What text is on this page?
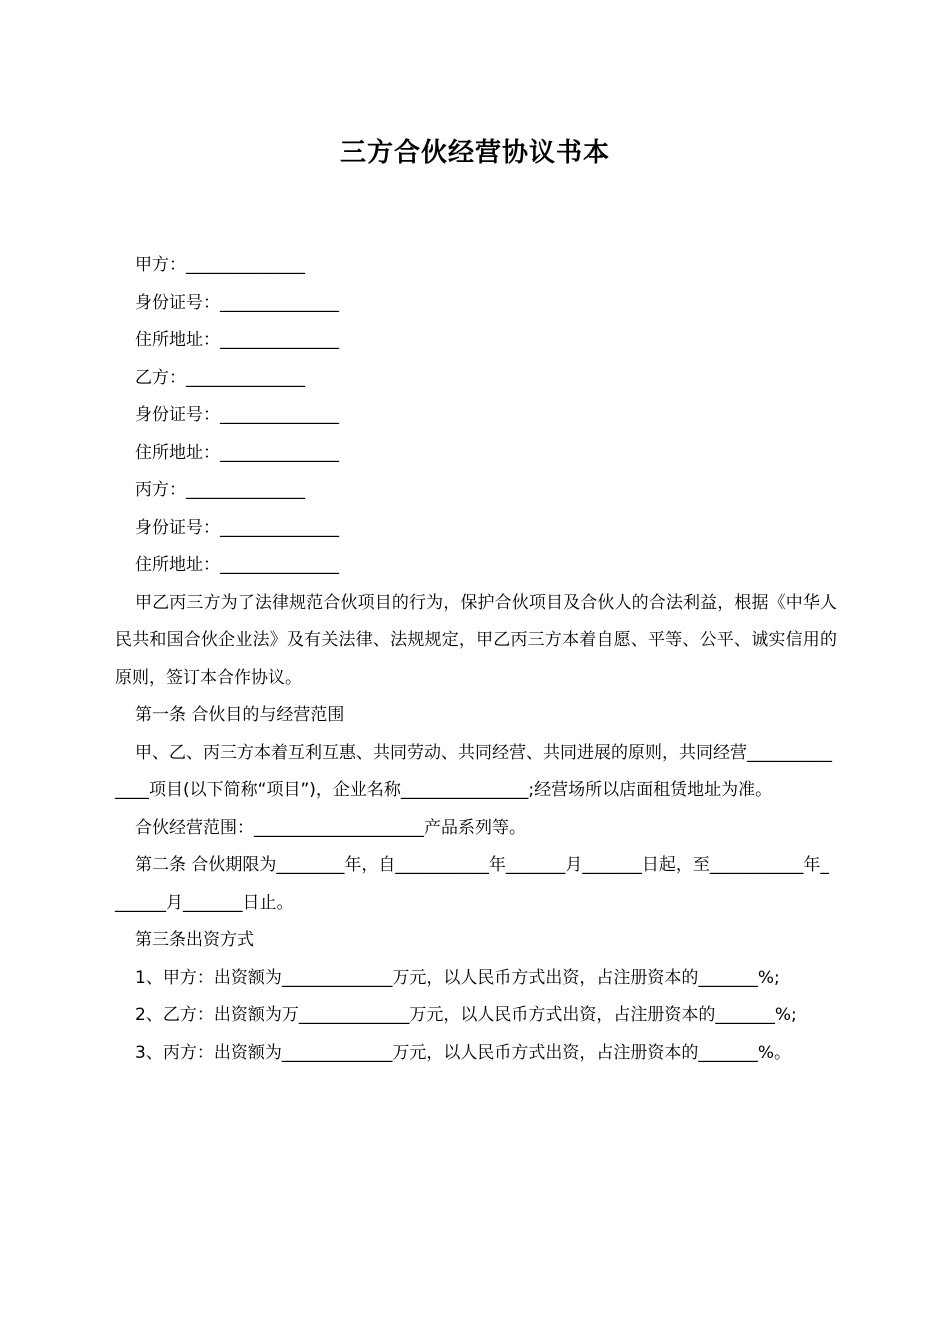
三方合伙经营协议书本

甲方：______________

身份证号：______________

住所地址：______________

乙方：______________

身份证号：______________

住所地址：______________

丙方：______________

身份证号：______________

住所地址：______________

甲乙丙三方为了法律规范合伙项目的行为，保护合伙项目及合伙人的合法利益，根据《中华人民共和国合伙企业法》及有关法律、法规规定，甲乙丙三方本着自愿、平等、公平、诚实信用的原则，签订本合作协议。

第一条 合伙目的与经营范围

甲、乙、丙三方本着互利互惠、共同劳动、共同经营、共同进展的原则，共同经营______________项目(以下简称“项目”)，企业名称_______________;经营场所以店面租赁地址为准。

合伙经营范围：____________________产品系列等。

第二条 合伙期限为________年，自___________年_______月_______日起，至___________年_______月_______日止。

第三条出资方式

1、甲方：出资额为_____________万元，以人民币方式出资，占注册资本的_______%;

2、乙方：出资额为万_____________万元，以人民币方式出资，占注册资本的_______%;

3、丙方：出资额为_____________万元，以人民币方式出资，占注册资本的_______%。
